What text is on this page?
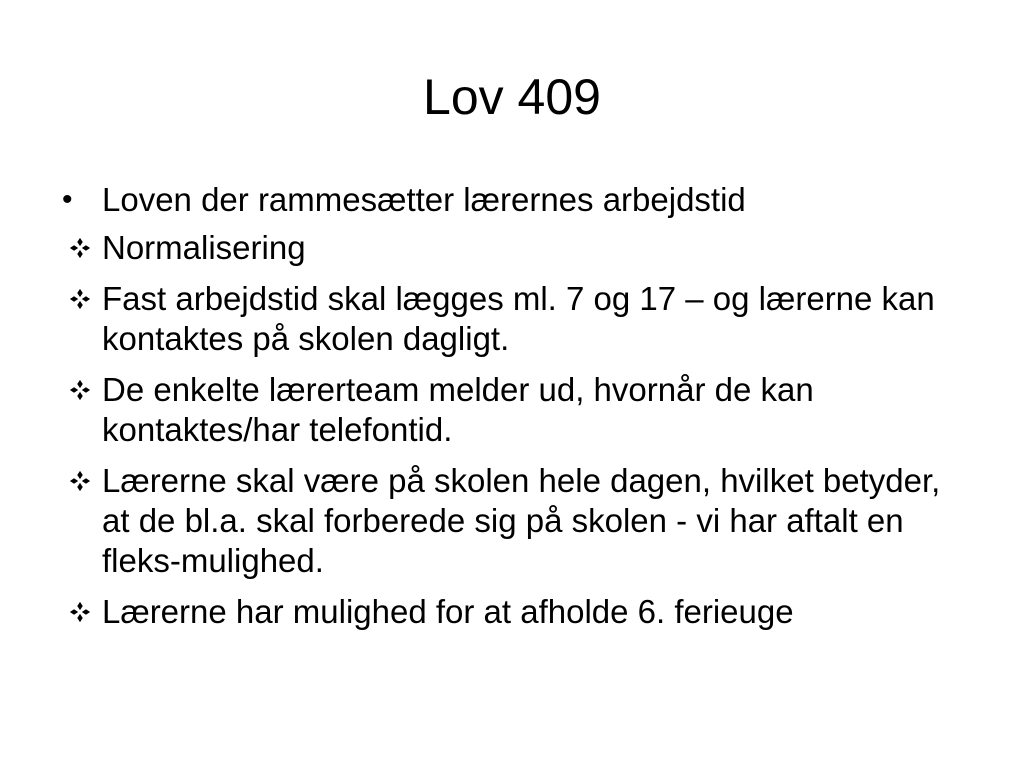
Lov 409
• Loven der rammesætter lærernes arbejdstid
Normalisering
Fast arbejdstid skal lægges ml. 7 og 17 – og lærerne kan kontaktes på skolen dagligt.
De enkelte lærerteam melder ud, hvornår de kan kontaktes/har telefontid.
Lærerne skal være på skolen hele dagen, hvilket betyder, at de bl.a. skal forberede sig på skolen - vi har aftalt en fleks-mulighed.
Lærerne har mulighed for at afholde 6. ferieuge
